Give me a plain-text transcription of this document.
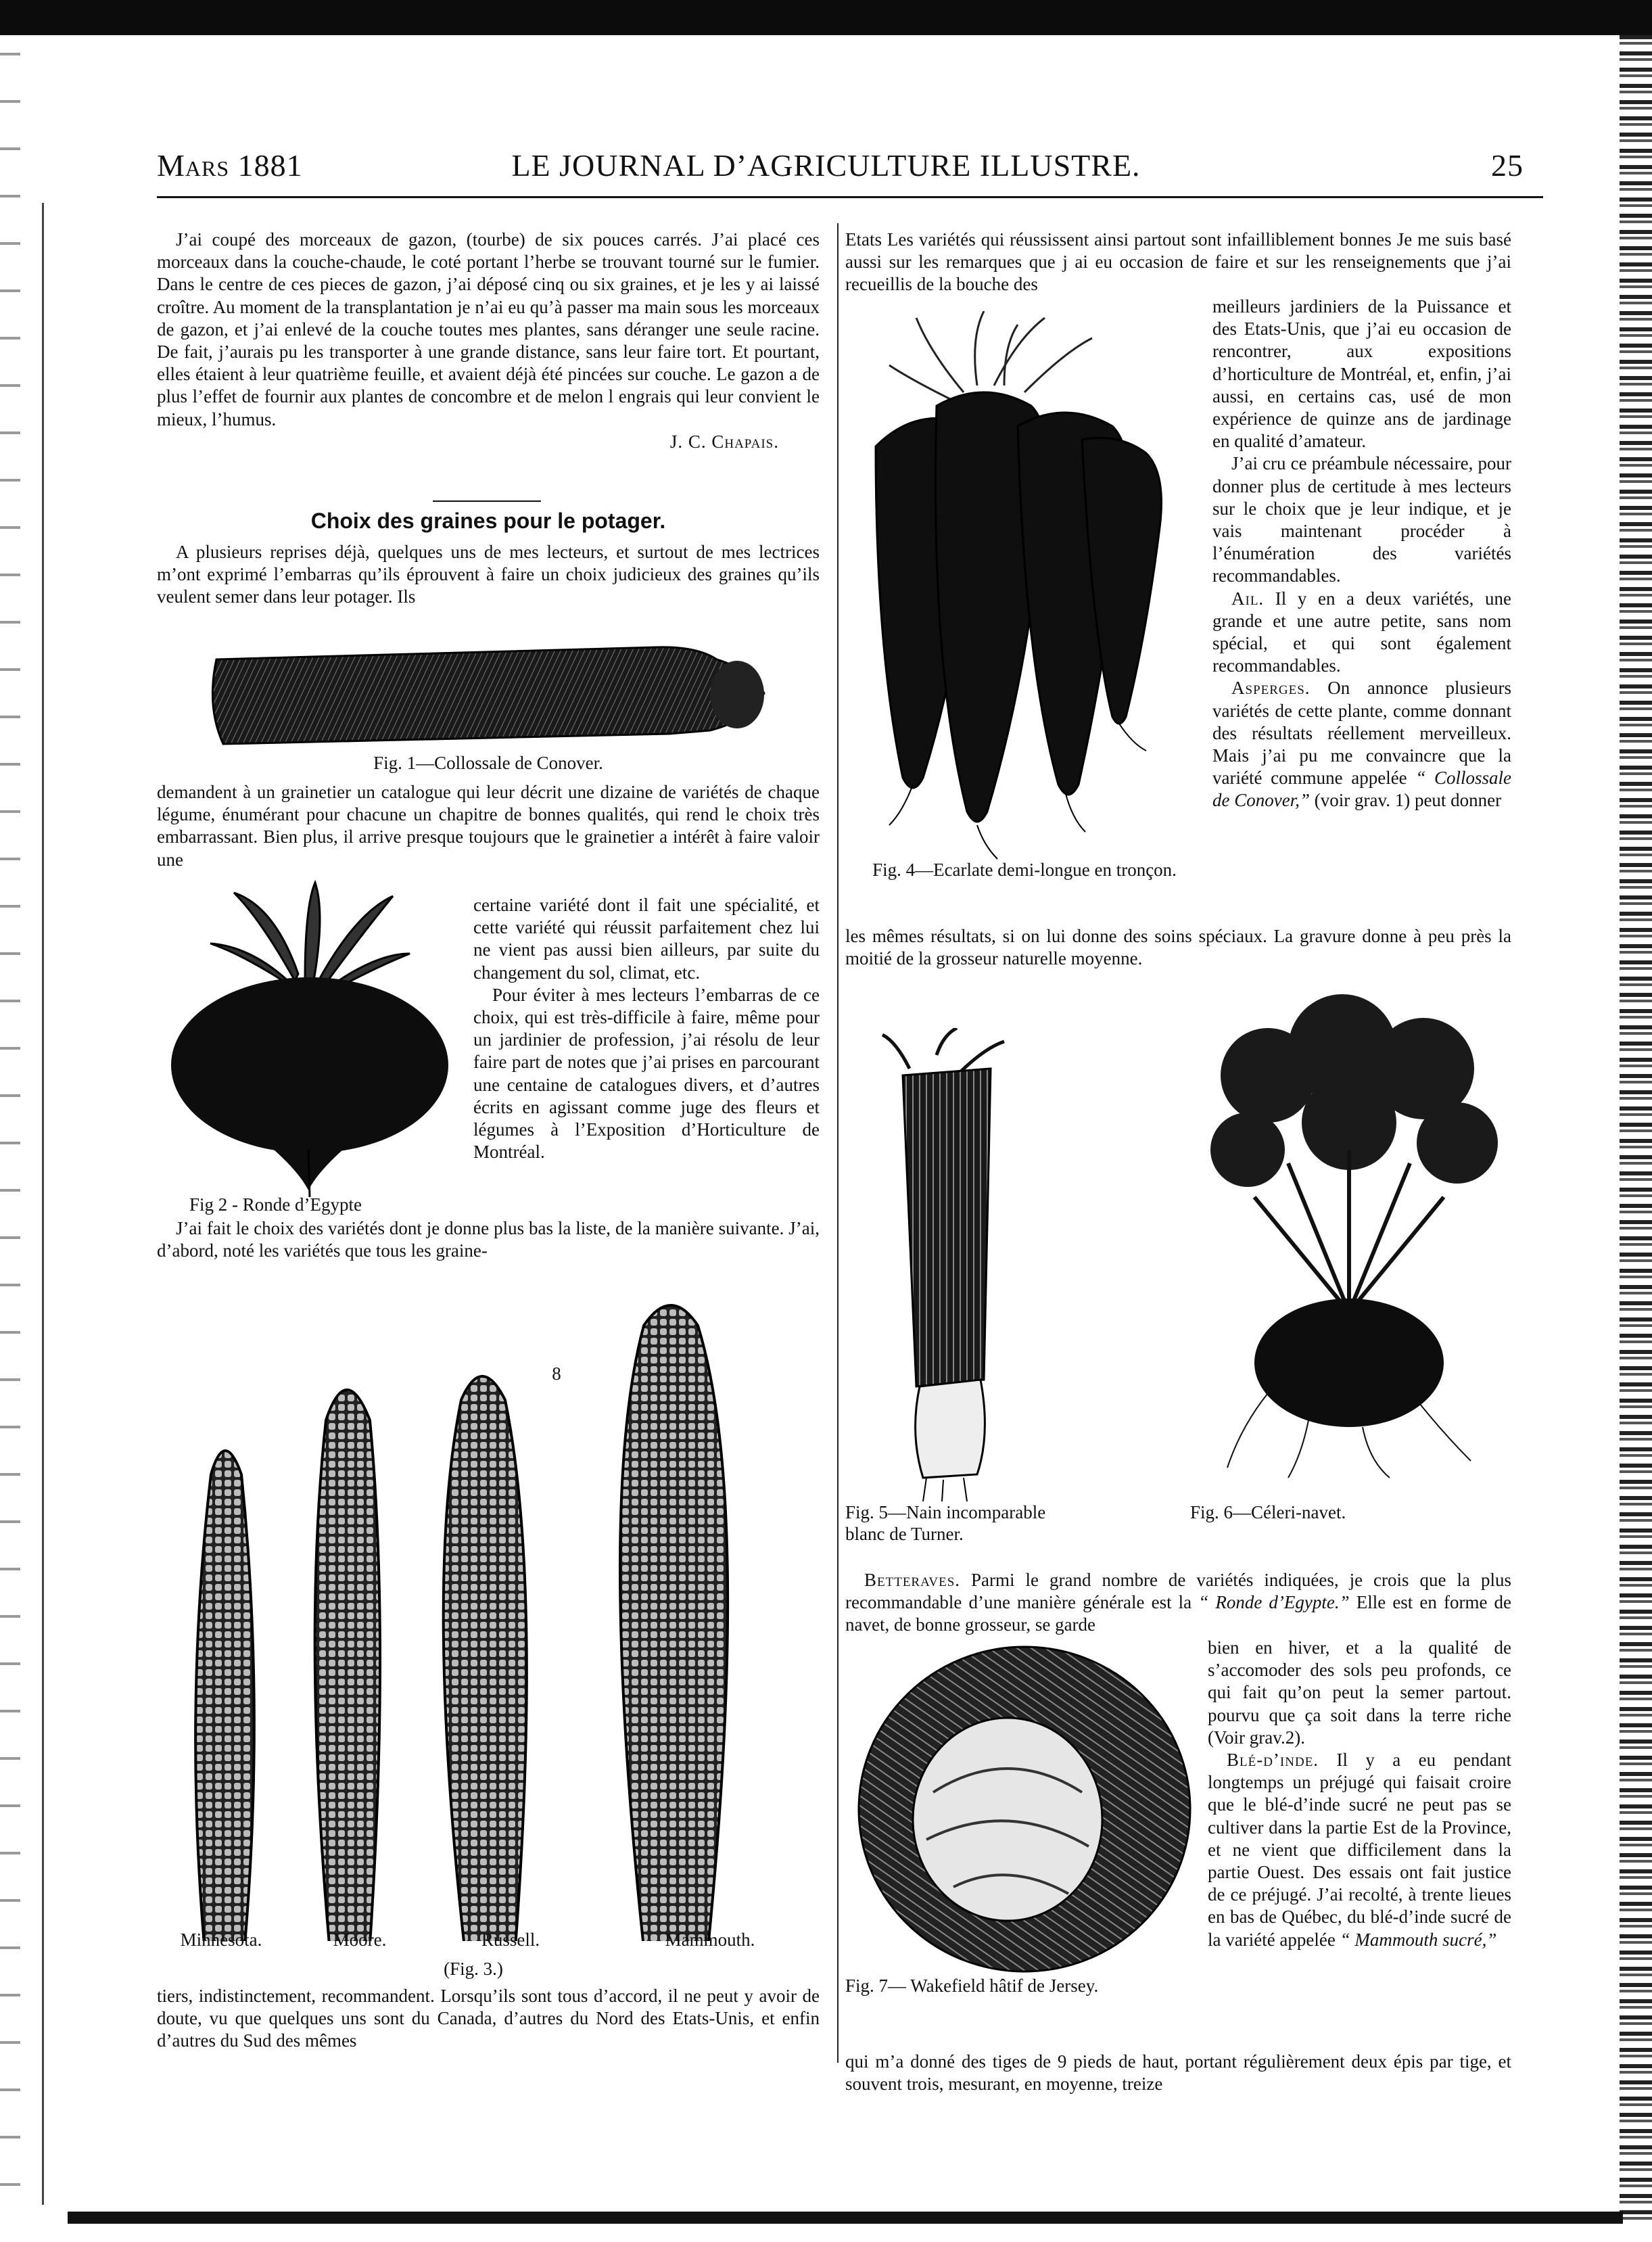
LE JOURNAL D’AGRICULTURE ILLUSTRE.
Mars 1881	25

J’ai coupé des morceaux de gazon, (tourbe) de six pouces carrés. J’ai placé ces morceaux dans la couche-chaude, le coté portant l’herbe se trouvant tourné sur le fumier. Dans le centre de ces pieces de gazon, j’ai déposé cinq ou six graines, et je les y ai laissé croître. Au moment de la transplantation je n’ai eu qu’à passer ma main sous les morceaux de gazon, et j’ai enlevé de la couche toutes mes plantes, sans déranger une seule racine. De fait, j’aurais pu les transporter à une grande distance, sans leur faire tort. Et pourtant, elles étaient à leur quatrième feuille, et avaient déjà été pincées sur couche. Le gazon a de plus l’effet de fournir aux plantes de concombre et de melon l engrais qui leur convient le mieux, l’humus.

J. C. Chapais.

Choix des graines pour le potager.

A plusieurs reprises déjà, quelques uns de mes lecteurs, et surtout de mes lectrices m’ont exprimé l’embarras qu’ils éprouvent à faire un choix judicieux des graines qu’ils veulent semer dans leur potager. Ils

Fig. 1—Collossale de Conover.

demandent à un grainetier un catalogue qui leur décrit une dizaine de variétés de chaque légume, énumérant pour chacune un chapitre de bonnes qualités, qui rend le choix très embarrassant. Bien plus, il arrive presque toujours que le grainetier a intérêt à faire valoir une

certaine variété dont il fait une spécialité, et cette variété qui réussit parfaitement chez lui ne vient pas aussi bien ailleurs, par suite du changement du sol, climat, etc.

Pour éviter à mes lecteurs l’embarras de ce choix, qui est très-difficile à faire, même pour un jardinier de profession, j’ai résolu de leur faire part de notes que j’ai prises en parcourant une centaine de catalogues divers, et d’autres écrits en agissant comme juge des fleurs et légumes à l’Exposition d’Horticulture de Montréal.

Fig 2 - Ronde d’Egypte

J’ai fait le choix des variétés dont je donne plus bas la liste, de la manière suivante. J’ai, d’abord, noté les variétés que tous les graine-

8
Minnesota.	Moore.	Russell.	Mammouth.
(Fig. 3.)

tiers, indistinctement, recommandent. Lorsqu’ils sont tous d’accord, il ne peut y avoir de doute, vu que quelques uns sont du Canada, d’autres du Nord des Etats-Unis, et enfin d’autres du Sud des mêmes

Etats Les variétés qui réussissent ainsi partout sont infailliblement bonnes Je me suis basé aussi sur les remarques que j ai eu occasion de faire et sur les renseignements que j’ai recueillis de la bouche des

meilleurs jardiniers de la Puissance et des Etats-Unis, que j’ai eu occasion de rencontrer, aux expositions d’horticulture de Montréal, et, enfin, j’ai aussi, en certains cas, usé de mon expérience de quinze ans de jardinage en qualité d’amateur.

J’ai cru ce préambule nécessaire, pour donner plus de certitude à mes lecteurs sur le choix que je leur indique, et je vais maintenant procéder à l’énumération des variétés recommandables.

Ail. Il y en a deux variétés, une grande et une autre petite, sans nom spécial, et qui sont également recommandables.

Asperges. On annonce plusieurs variétés de cette plante, comme donnant des résultats réellement merveilleux. Mais j’ai pu me convaincre que la variété commune appelée “ Collossale de Conover,” (voir grav. 1) peut donner

Fig. 4—Ecarlate demi-longue en tronçon.

les mêmes résultats, si on lui donne des soins spéciaux. La gravure donne à peu près la moitié de la grosseur naturelle moyenne.

Fig. 5—Nain incomparable blanc de Turner.
Fig. 6—Céleri-navet.

Betteraves. Parmi le grand nombre de variétés indiquées, je crois que la plus recommandable d’une manière générale est la “ Ronde d’Egypte.” Elle est en forme de navet, de bonne grosseur, se garde

Fig. 7— Wakefield hâtif de Jersey.

bien en hiver, et a la qualité de s’accomoder des sols peu profonds, ce qui fait qu’on peut la semer partout. pourvu que ça soit dans la terre riche (Voir grav.2).

Blé-d’inde. Il y a eu pendant longtemps un préjugé qui faisait croire que le blé-d’inde sucré ne peut pas se cultiver dans la partie Est de la Province, et ne vient que difficilement dans la partie Ouest. Des essais ont fait justice de ce préjugé. J’ai recolté, à trente lieues en bas de Québec, du blé-d’inde sucré de la variété appelée “ Mammouth sucré,”

qui m’a donné des tiges de 9 pieds de haut, portant régulièrement deux épis par tige, et souvent trois, mesurant, en moyenne, treize
